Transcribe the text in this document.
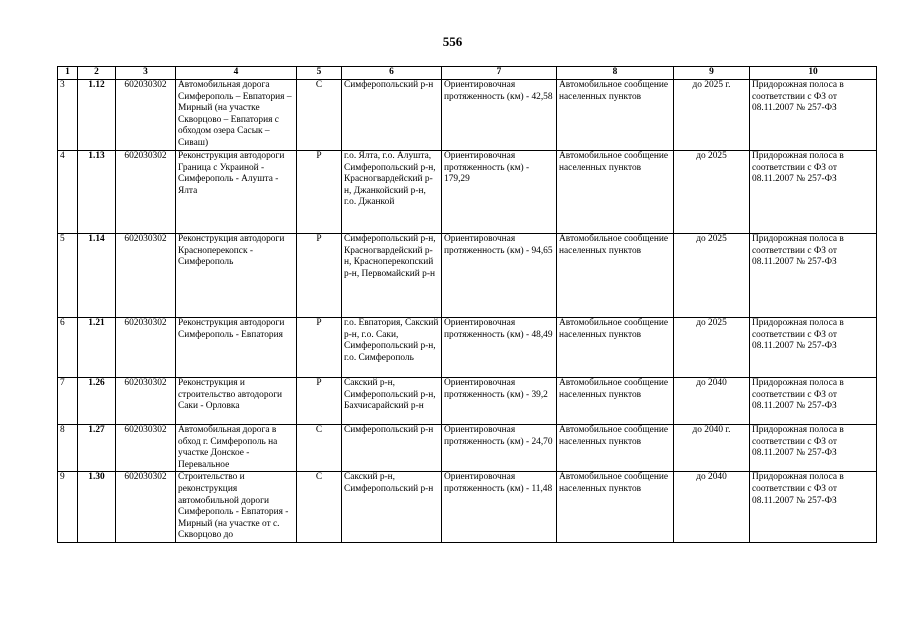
556
1	2	3	4	5	6	7	8	9	10
3	1.12	602030302	Автомобильная дорога Симферополь – Евпатория – Мирный (на участке Скворцово – Евпатория с обходом озера Сасык – Сиваш)	С	Симферопольский р-н	Ориентировочная протяженность (км) - 42,58	Автомобильное сообщение населенных пунктов	до 2025 г.	Придорожная полоса в соответствии с ФЗ от 08.11.2007 № 257-ФЗ
4	1.13	602030302	Реконструкция автодороги Граница с Украиной - Симферополь - Алушта - Ялта	Р	г.о. Ялта, г.о. Алушта, Симферопольский р-н, Красногвардейский р-н, Джанкойский р-н, г.о. Джанкой	Ориентировочная протяженность (км) - 179,29	Автомобильное сообщение населенных пунктов	до 2025	Придорожная полоса в соответствии с ФЗ от 08.11.2007 № 257-ФЗ
5	1.14	602030302	Реконструкция автодороги Красноперекопск - Симферополь	Р	Симферопольский р-н, Красногвардейский р-н, Красноперекопский р-н, Первомайский р-н	Ориентировочная протяженность (км) - 94,65	Автомобильное сообщение населенных пунктов	до 2025	Придорожная полоса в соответствии с ФЗ от 08.11.2007 № 257-ФЗ
6	1.21	602030302	Реконструкция автодороги Симферополь - Евпатория	Р	г.о. Евпатория, Сакский р-н, г.о. Саки, Симферопольский р-н, г.о. Симферополь	Ориентировочная протяженность (км) - 48,49	Автомобильное сообщение населенных пунктов	до 2025	Придорожная полоса в соответствии с ФЗ от 08.11.2007 № 257-ФЗ
7	1.26	602030302	Реконструкция и строительство автодороги Саки - Орловка	Р	Сакский р-н, Симферопольский р-н, Бахчисарайский р-н	Ориентировочная протяженность (км) - 39,2	Автомобильное сообщение населенных пунктов	до 2040	Придорожная полоса в соответствии с ФЗ от 08.11.2007 № 257-ФЗ
8	1.27	602030302	Автомобильная дорога в обход г. Симферополь на участке Донское - Перевальное	С	Симферопольский р-н	Ориентировочная протяженность (км) - 24,70	Автомобильное сообщение населенных пунктов	до 2040 г.	Придорожная полоса в соответствии с ФЗ от 08.11.2007 № 257-ФЗ
9	1.30	602030302	Строительство и реконструкция автомобильной дороги Симферополь - Евпатория - Мирный (на участке от с. Скворцово до	С	Сакский р-н, Симферопольский р-н	Ориентировочная протяженность (км) - 11,48	Автомобильное сообщение населенных пунктов	до 2040	Придорожная полоса в соответствии с ФЗ от 08.11.2007 № 257-ФЗ
